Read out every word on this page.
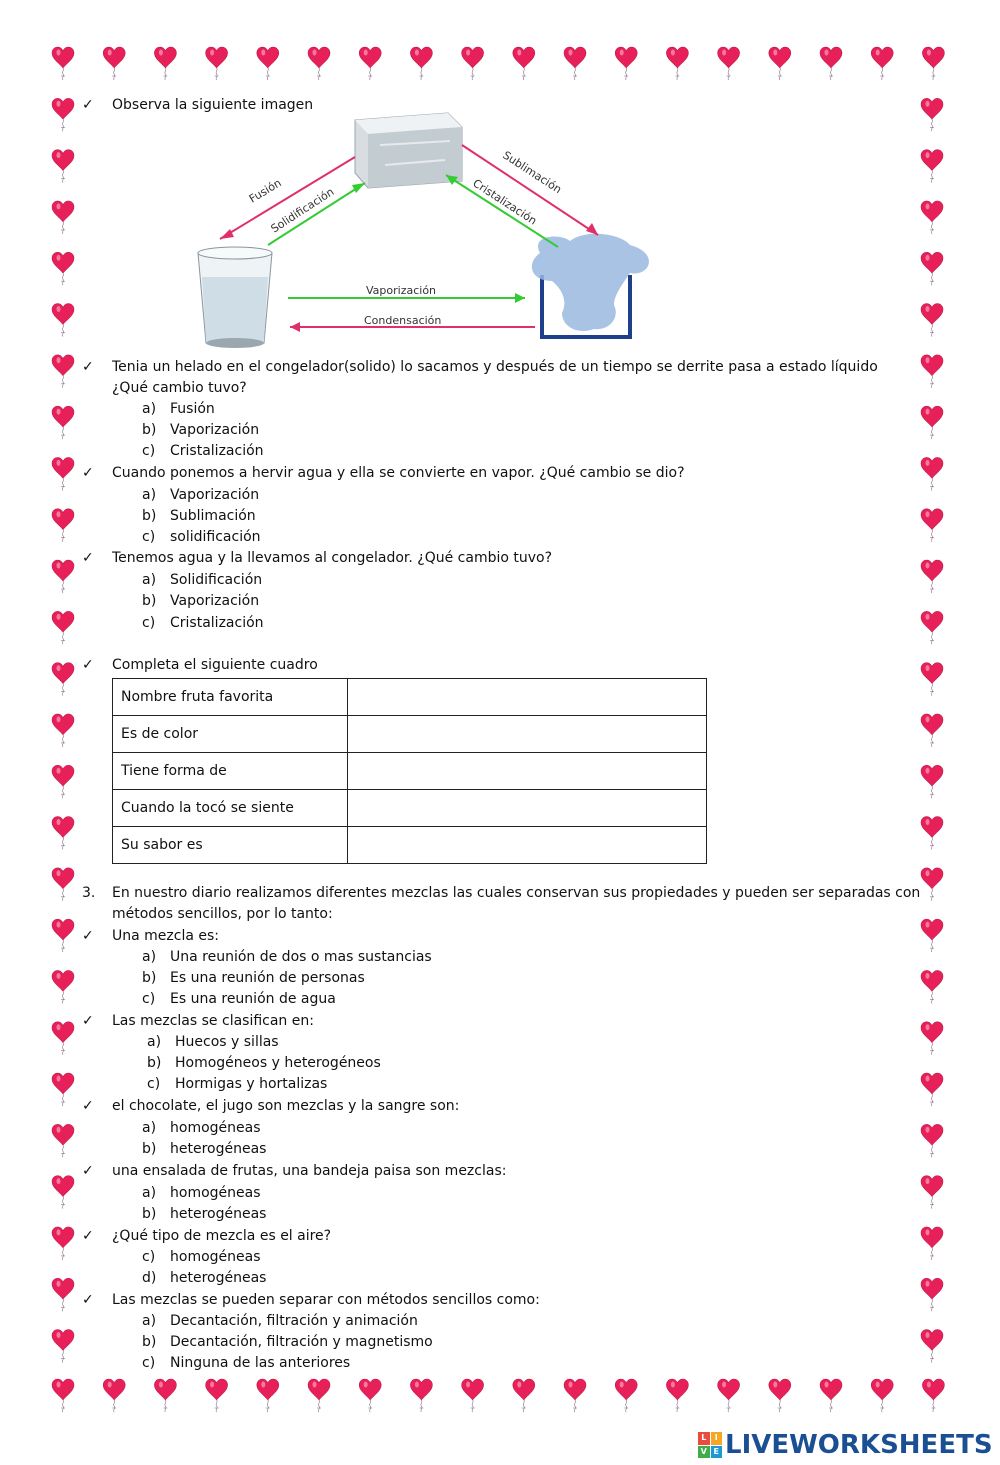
✓ Observa la siguiente imagen
Fusión
Solidificación
Sublimación
Cristalización
Vaporización
Condensación
✓ Tenia un helado en el congelador(solido) lo sacamos y después de un tiempo se derrite pasa a estado líquido
¿Qué cambio tuvo?
a) Fusión
b) Vaporización
c) Cristalización
✓ Cuando ponemos a hervir agua y ella se convierte en vapor. ¿Qué cambio se dio?
a) Vaporización
b) Sublimación
c) solidificación
✓ Tenemos agua y la llevamos al congelador. ¿Qué cambio tuvo?
a) Solidificación
b) Vaporización
c) Cristalización
✓ Completa el siguiente cuadro
Nombre fruta favorita	
Es de color	
Tiene forma de	
Cuando la tocó se siente	
Su sabor es	
3. En nuestro diario realizamos diferentes mezclas las cuales conservan sus propiedades y pueden ser separadas con
métodos sencillos, por lo tanto:
✓ Una mezcla es:
a) Una reunión de dos o mas sustancias
b) Es una reunión de personas
c) Es una reunión de agua
✓ Las mezclas se clasifican en:
a) Huecos y sillas
b) Homogéneos y heterogéneos
c) Hormigas y hortalizas
✓ el chocolate, el jugo son mezclas y la sangre son:
a) homogéneas
b) heterogéneas
✓ una ensalada de frutas, una bandeja paisa son mezclas:
a) homogéneas
b) heterogéneas
✓ ¿Qué tipo de mezcla es el aire?
c) homogéneas
d) heterogéneas
✓ Las mezclas se pueden separar con métodos sencillos como:
a) Decantación, filtración y animación
b) Decantación, filtración y magnetismo
c) Ninguna de las anteriores
L	I
V E LIVEWORKSHEETS
